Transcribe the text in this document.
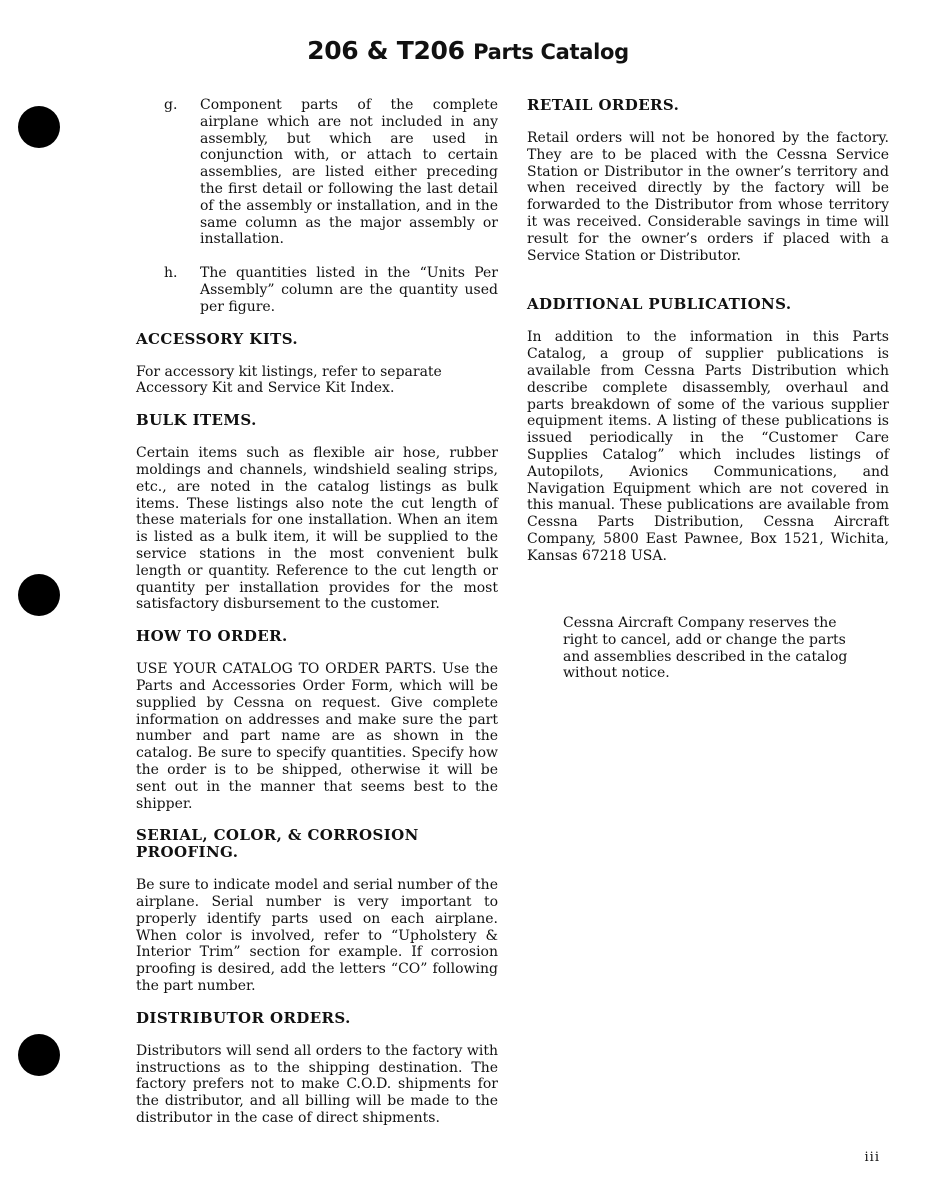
206 & T206 Parts Catalog
g. Component parts of the complete airplane which are not included in any assembly, but which are used in conjunction with, or attach to certain assemblies, are listed either preceding the first detail or following the last detail of the assembly or installation, and in the same column as the major assembly or installation.

h. The quantities listed in the “Units Per Assembly” column are the quantity used per figure.

ACCESSORY KITS.

For accessory kit listings, refer to separate Accessory Kit and Service Kit Index.

BULK ITEMS.

Certain items such as flexible air hose, rubber moldings and channels, windshield sealing strips, etc., are noted in the catalog listings as bulk items. These listings also note the cut length of these materials for one installation. When an item is listed as a bulk item, it will be supplied to the service stations in the most convenient bulk length or quantity. Reference to the cut length or quantity per installation provides for the most satisfactory disbursement to the customer.

HOW TO ORDER.

USE YOUR CATALOG TO ORDER PARTS. Use the Parts and Accessories Order Form, which will be supplied by Cessna on request. Give complete information on addresses and make sure the part number and part name are as shown in the catalog. Be sure to specify quantities. Specify how the order is to be shipped, otherwise it will be sent out in the manner that seems best to the shipper.

SERIAL, COLOR, & CORROSION
PROOFING.

Be sure to indicate model and serial number of the airplane. Serial number is very important to properly identify parts used on each airplane. When color is involved, refer to “Upholstery & Interior Trim” section for example. If corrosion proofing is desired, add the letters “CO” following the part number.

DISTRIBUTOR ORDERS.

Distributors will send all orders to the factory with instructions as to the shipping destination. The factory prefers not to make C.O.D. shipments for the distributor, and all billing will be made to the distributor in the case of direct shipments.

RETAIL ORDERS.

Retail orders will not be honored by the factory. They are to be placed with the Cessna Service Station or Distributor in the owner’s territory and when received directly by the factory will be forwarded to the Distributor from whose territory it was received. Considerable savings in time will result for the owner’s orders if placed with a Service Station or Distributor.

ADDITIONAL PUBLICATIONS.

In addition to the information in this Parts Catalog, a group of supplier publications is available from Cessna Parts Distribution which describe complete disassembly, overhaul and parts breakdown of some of the various supplier equipment items. A listing of these publications is issued periodically in the “Customer Care Supplies Catalog” which includes listings of Autopilots, Avionics Communications, and Navigation Equipment which are not covered in this manual. These publications are available from Cessna Parts Distribution, Cessna Aircraft Company, 5800 East Pawnee, Box 1521, Wichita, Kansas 67218 USA.

Cessna Aircraft Company reserves the right to cancel, add or change the parts and assemblies described in the catalog without notice.

iii
